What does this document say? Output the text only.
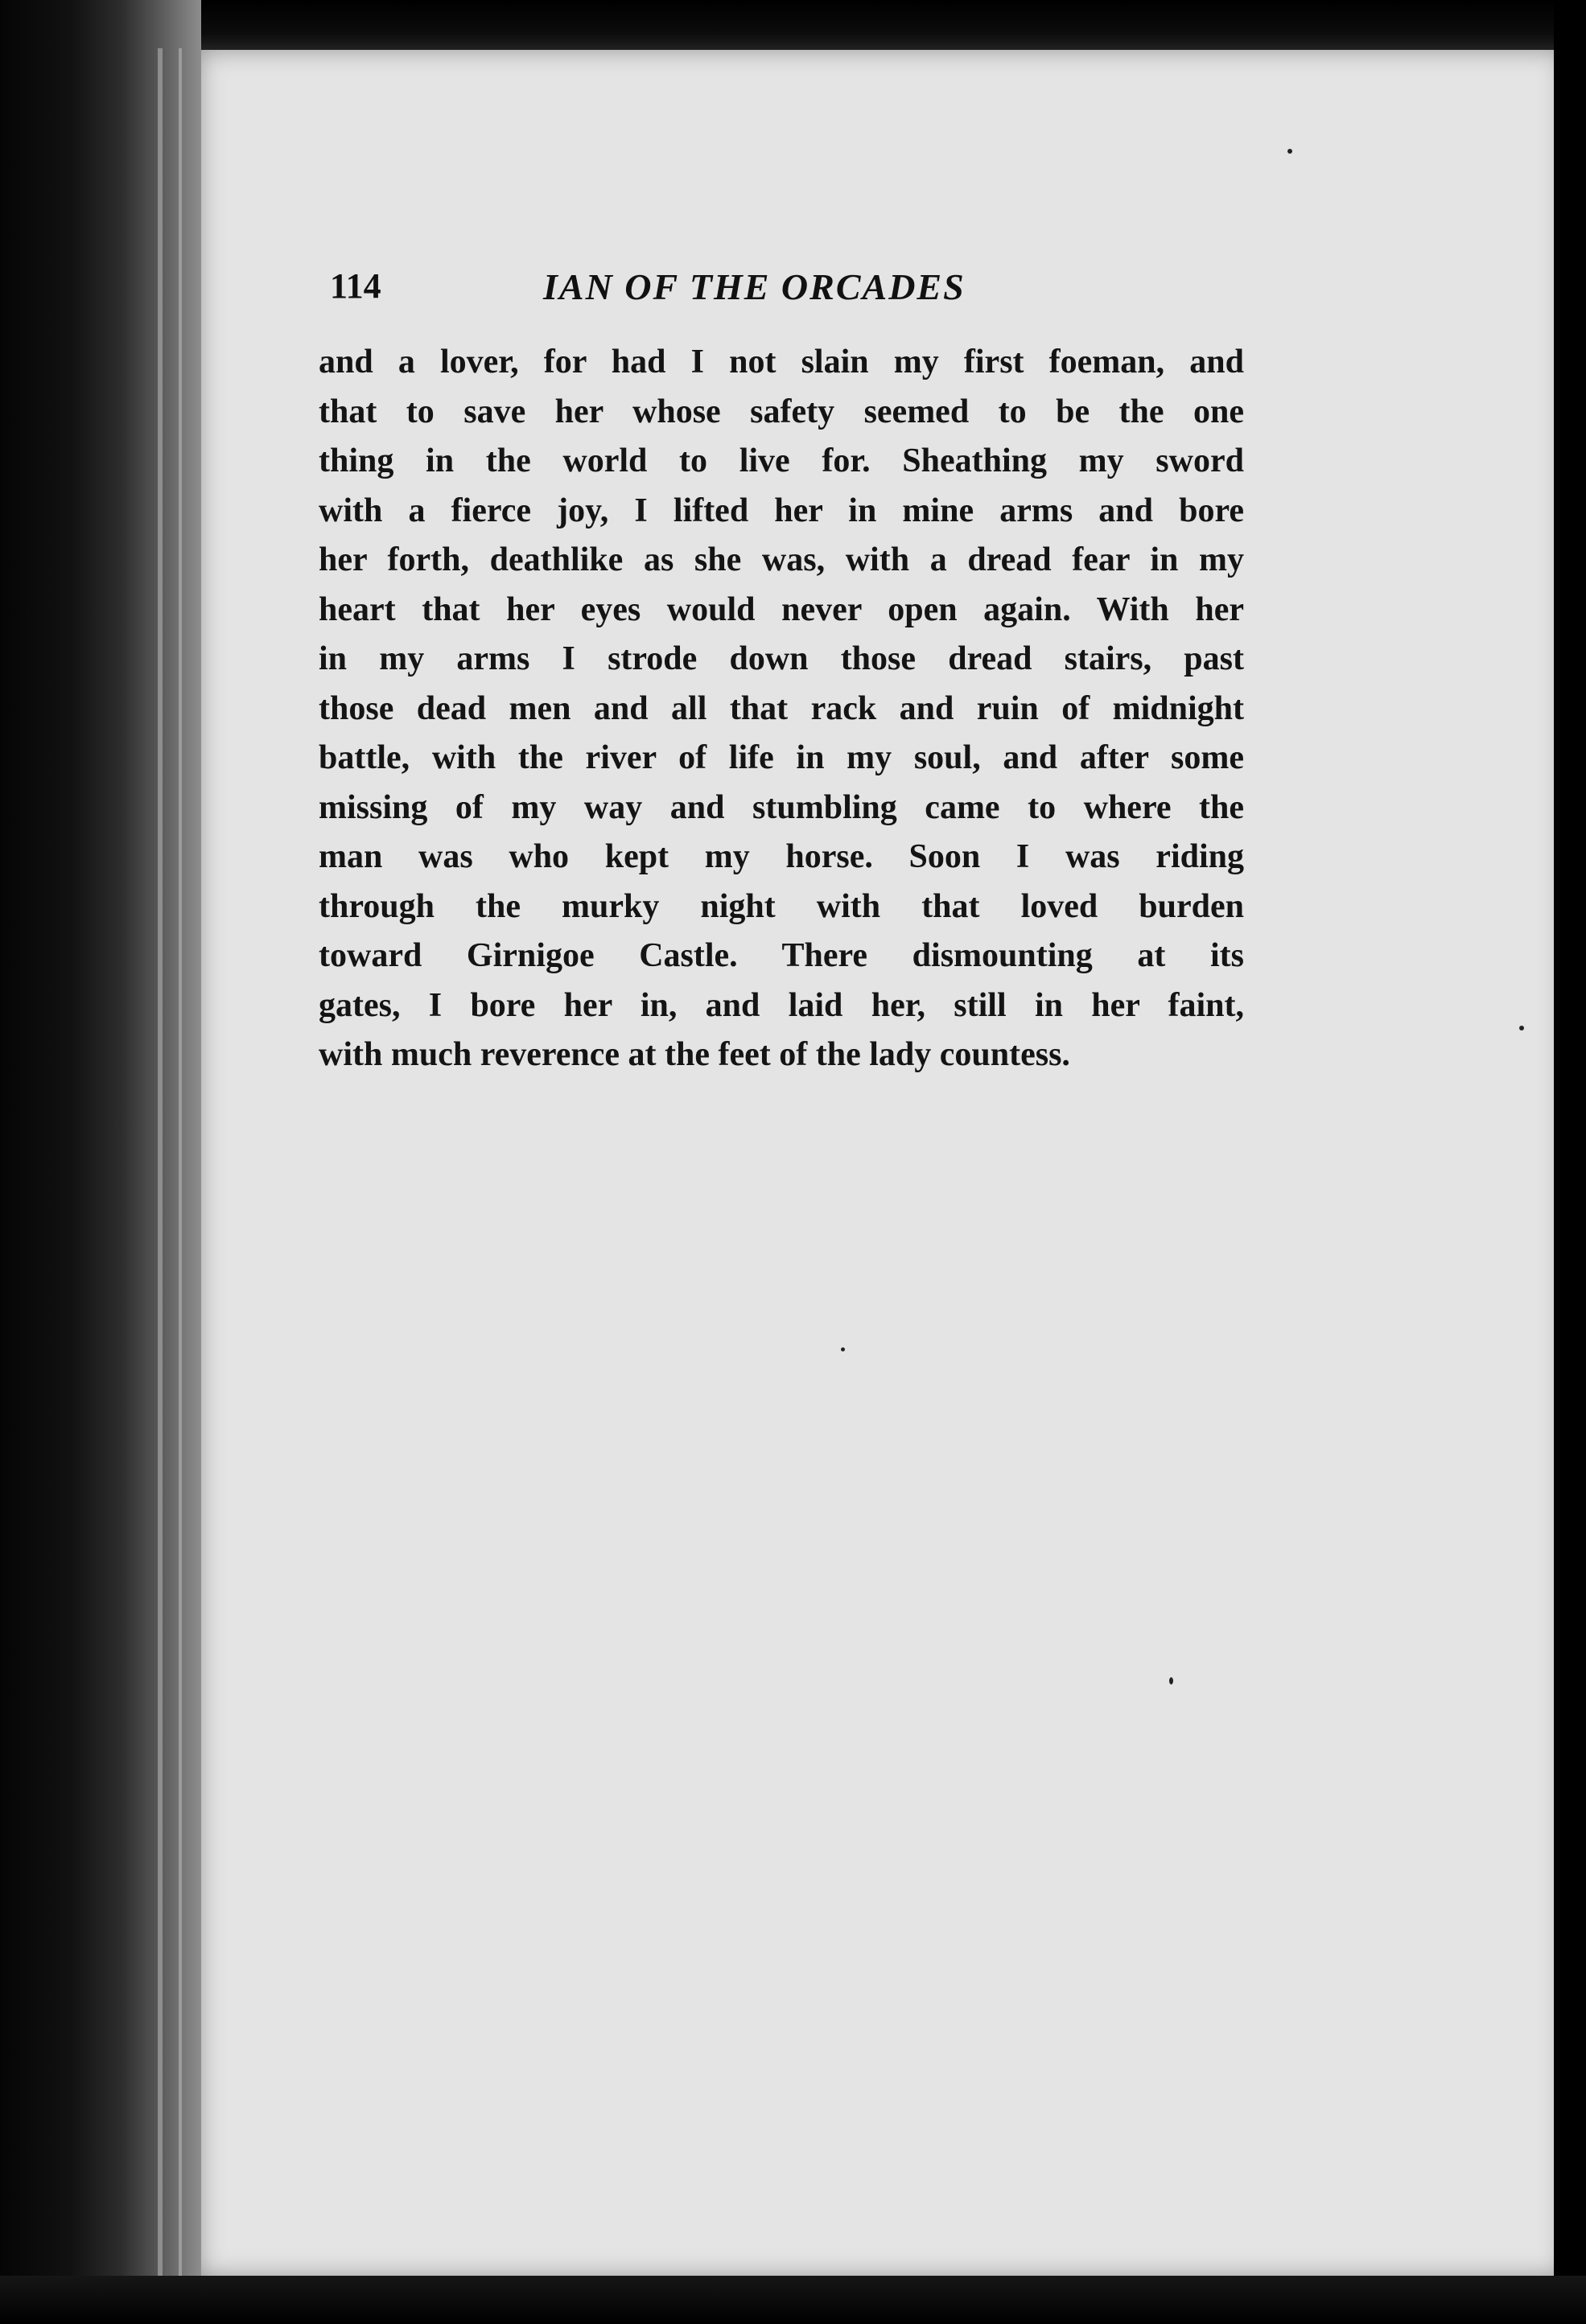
114	IAN OF THE ORCADES
and a lover, for had I not slain my first foeman, and
that to save her whose safety seemed to be the one
thing in the world to live for. Sheathing my sword
with a fierce joy, I lifted her in mine arms and bore
her forth, deathlike as she was, with a dread fear in my
heart that her eyes would never open again. With her
in my arms I strode down those dread stairs, past
those dead men and all that rack and ruin of midnight
battle, with the river of life in my soul, and after some
missing of my way and stumbling came to where the
man was who kept my horse. Soon I was riding
through the murky night with that loved burden
toward Girnigoe Castle. There dismounting at its
gates, I bore her in, and laid her, still in her faint,
with much reverence at the feet of the lady countess.
